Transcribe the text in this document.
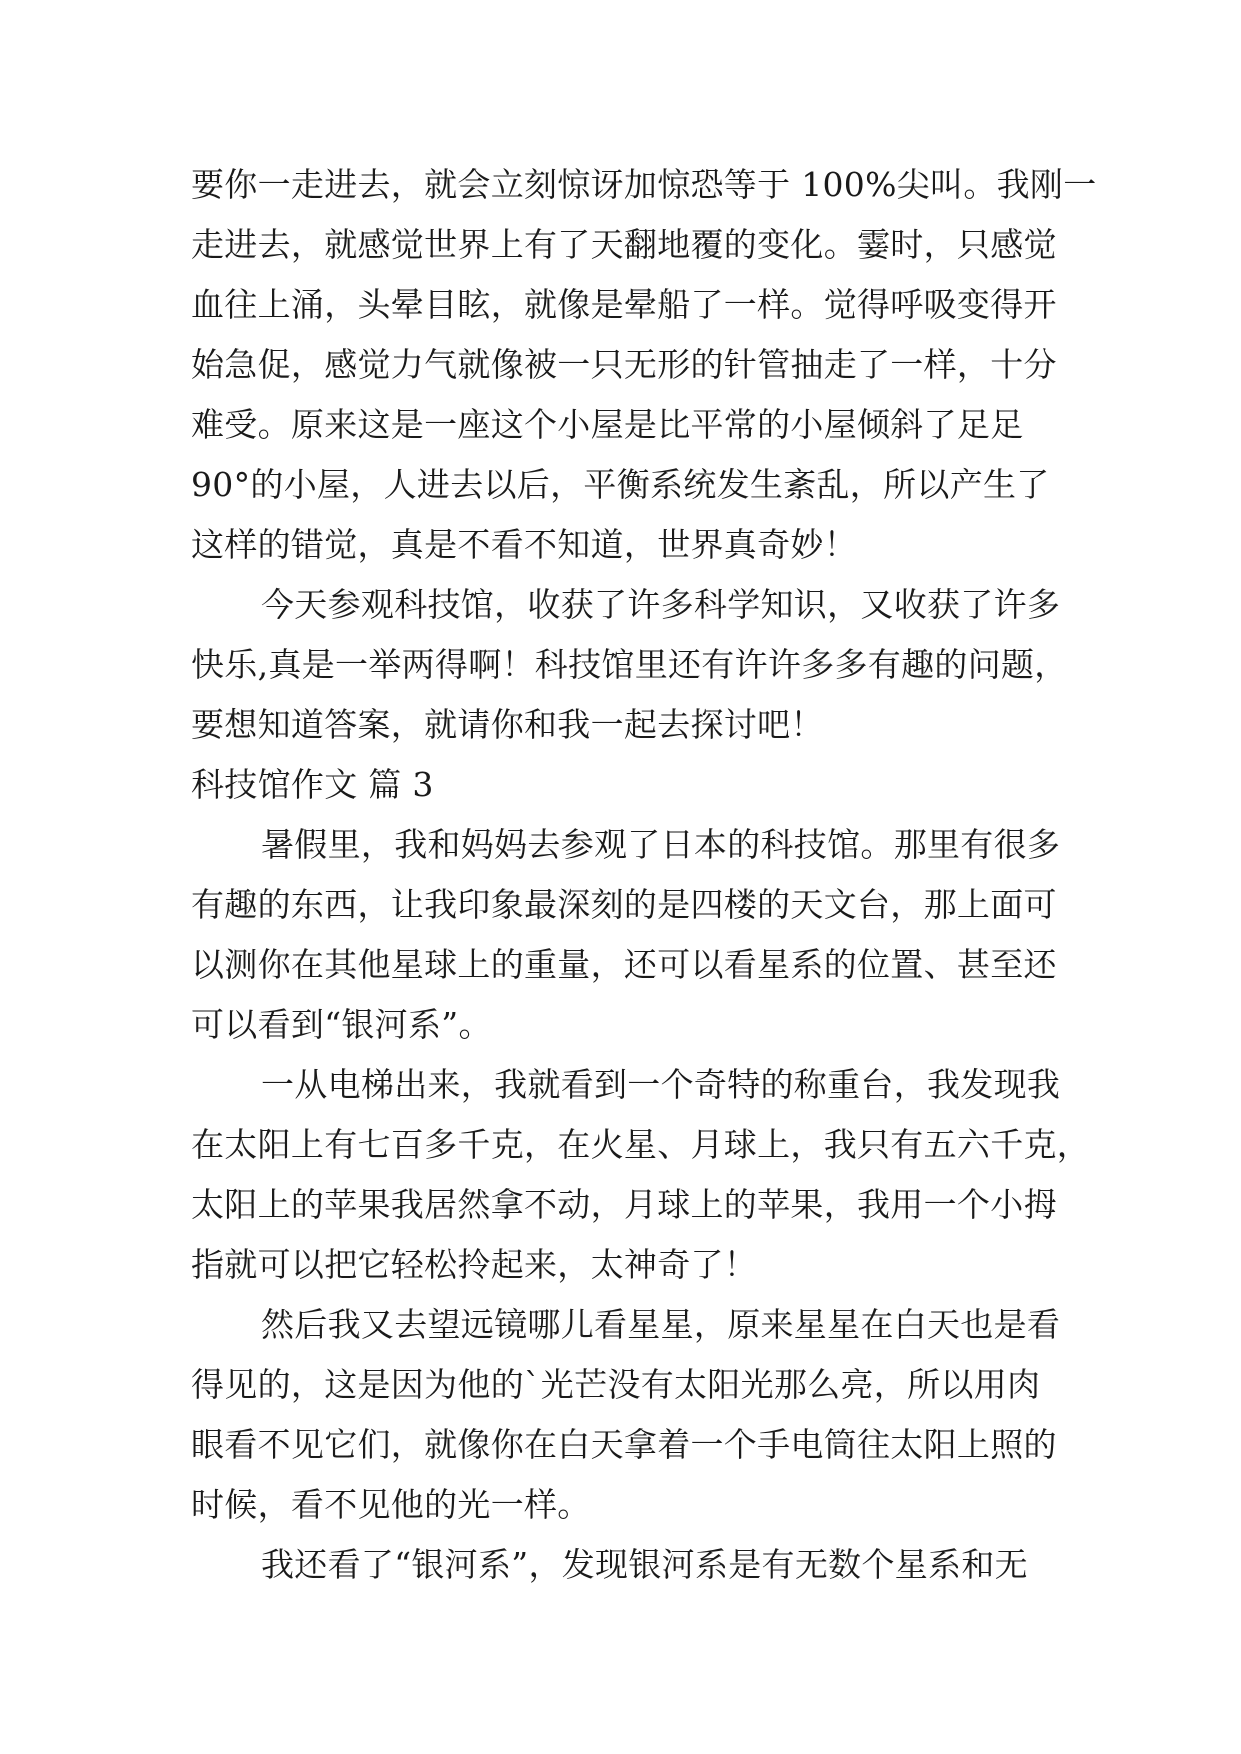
要你一走进去，就会立刻惊讶加惊恐等于 100%尖叫。我刚一
走进去，就感觉世界上有了天翻地覆的变化。霎时，只感觉
血往上涌，头晕目眩，就像是晕船了一样。觉得呼吸变得开
始急促，感觉力气就像被一只无形的针管抽走了一样，十分
难受。原来这是一座这个小屋是比平常的小屋倾斜了足足
90°的小屋，人进去以后，平衡系统发生紊乱，所以产生了
这样的错觉，真是不看不知道，世界真奇妙！
今天参观科技馆，收获了许多科学知识，又收获了许多
快乐,真是一举两得啊！科技馆里还有许许多多有趣的问题，
要想知道答案，就请你和我一起去探讨吧！
科技馆作文 篇 3
暑假里，我和妈妈去参观了日本的科技馆。那里有很多
有趣的东西，让我印象最深刻的是四楼的天文台，那上面可
以测你在其他星球上的重量，还可以看星系的位置、甚至还
可以看到“银河系”。
一从电梯出来，我就看到一个奇特的称重台，我发现我
在太阳上有七百多千克，在火星、月球上，我只有五六千克，
太阳上的苹果我居然拿不动，月球上的苹果，我用一个小拇
指就可以把它轻松拎起来，太神奇了！
然后我又去望远镜哪儿看星星，原来星星在白天也是看
得见的，这是因为他的`光芒没有太阳光那么亮，所以用肉
眼看不见它们，就像你在白天拿着一个手电筒往太阳上照的
时候，看不见他的光一样。
我还看了“银河系”，发现银河系是有无数个星系和无
